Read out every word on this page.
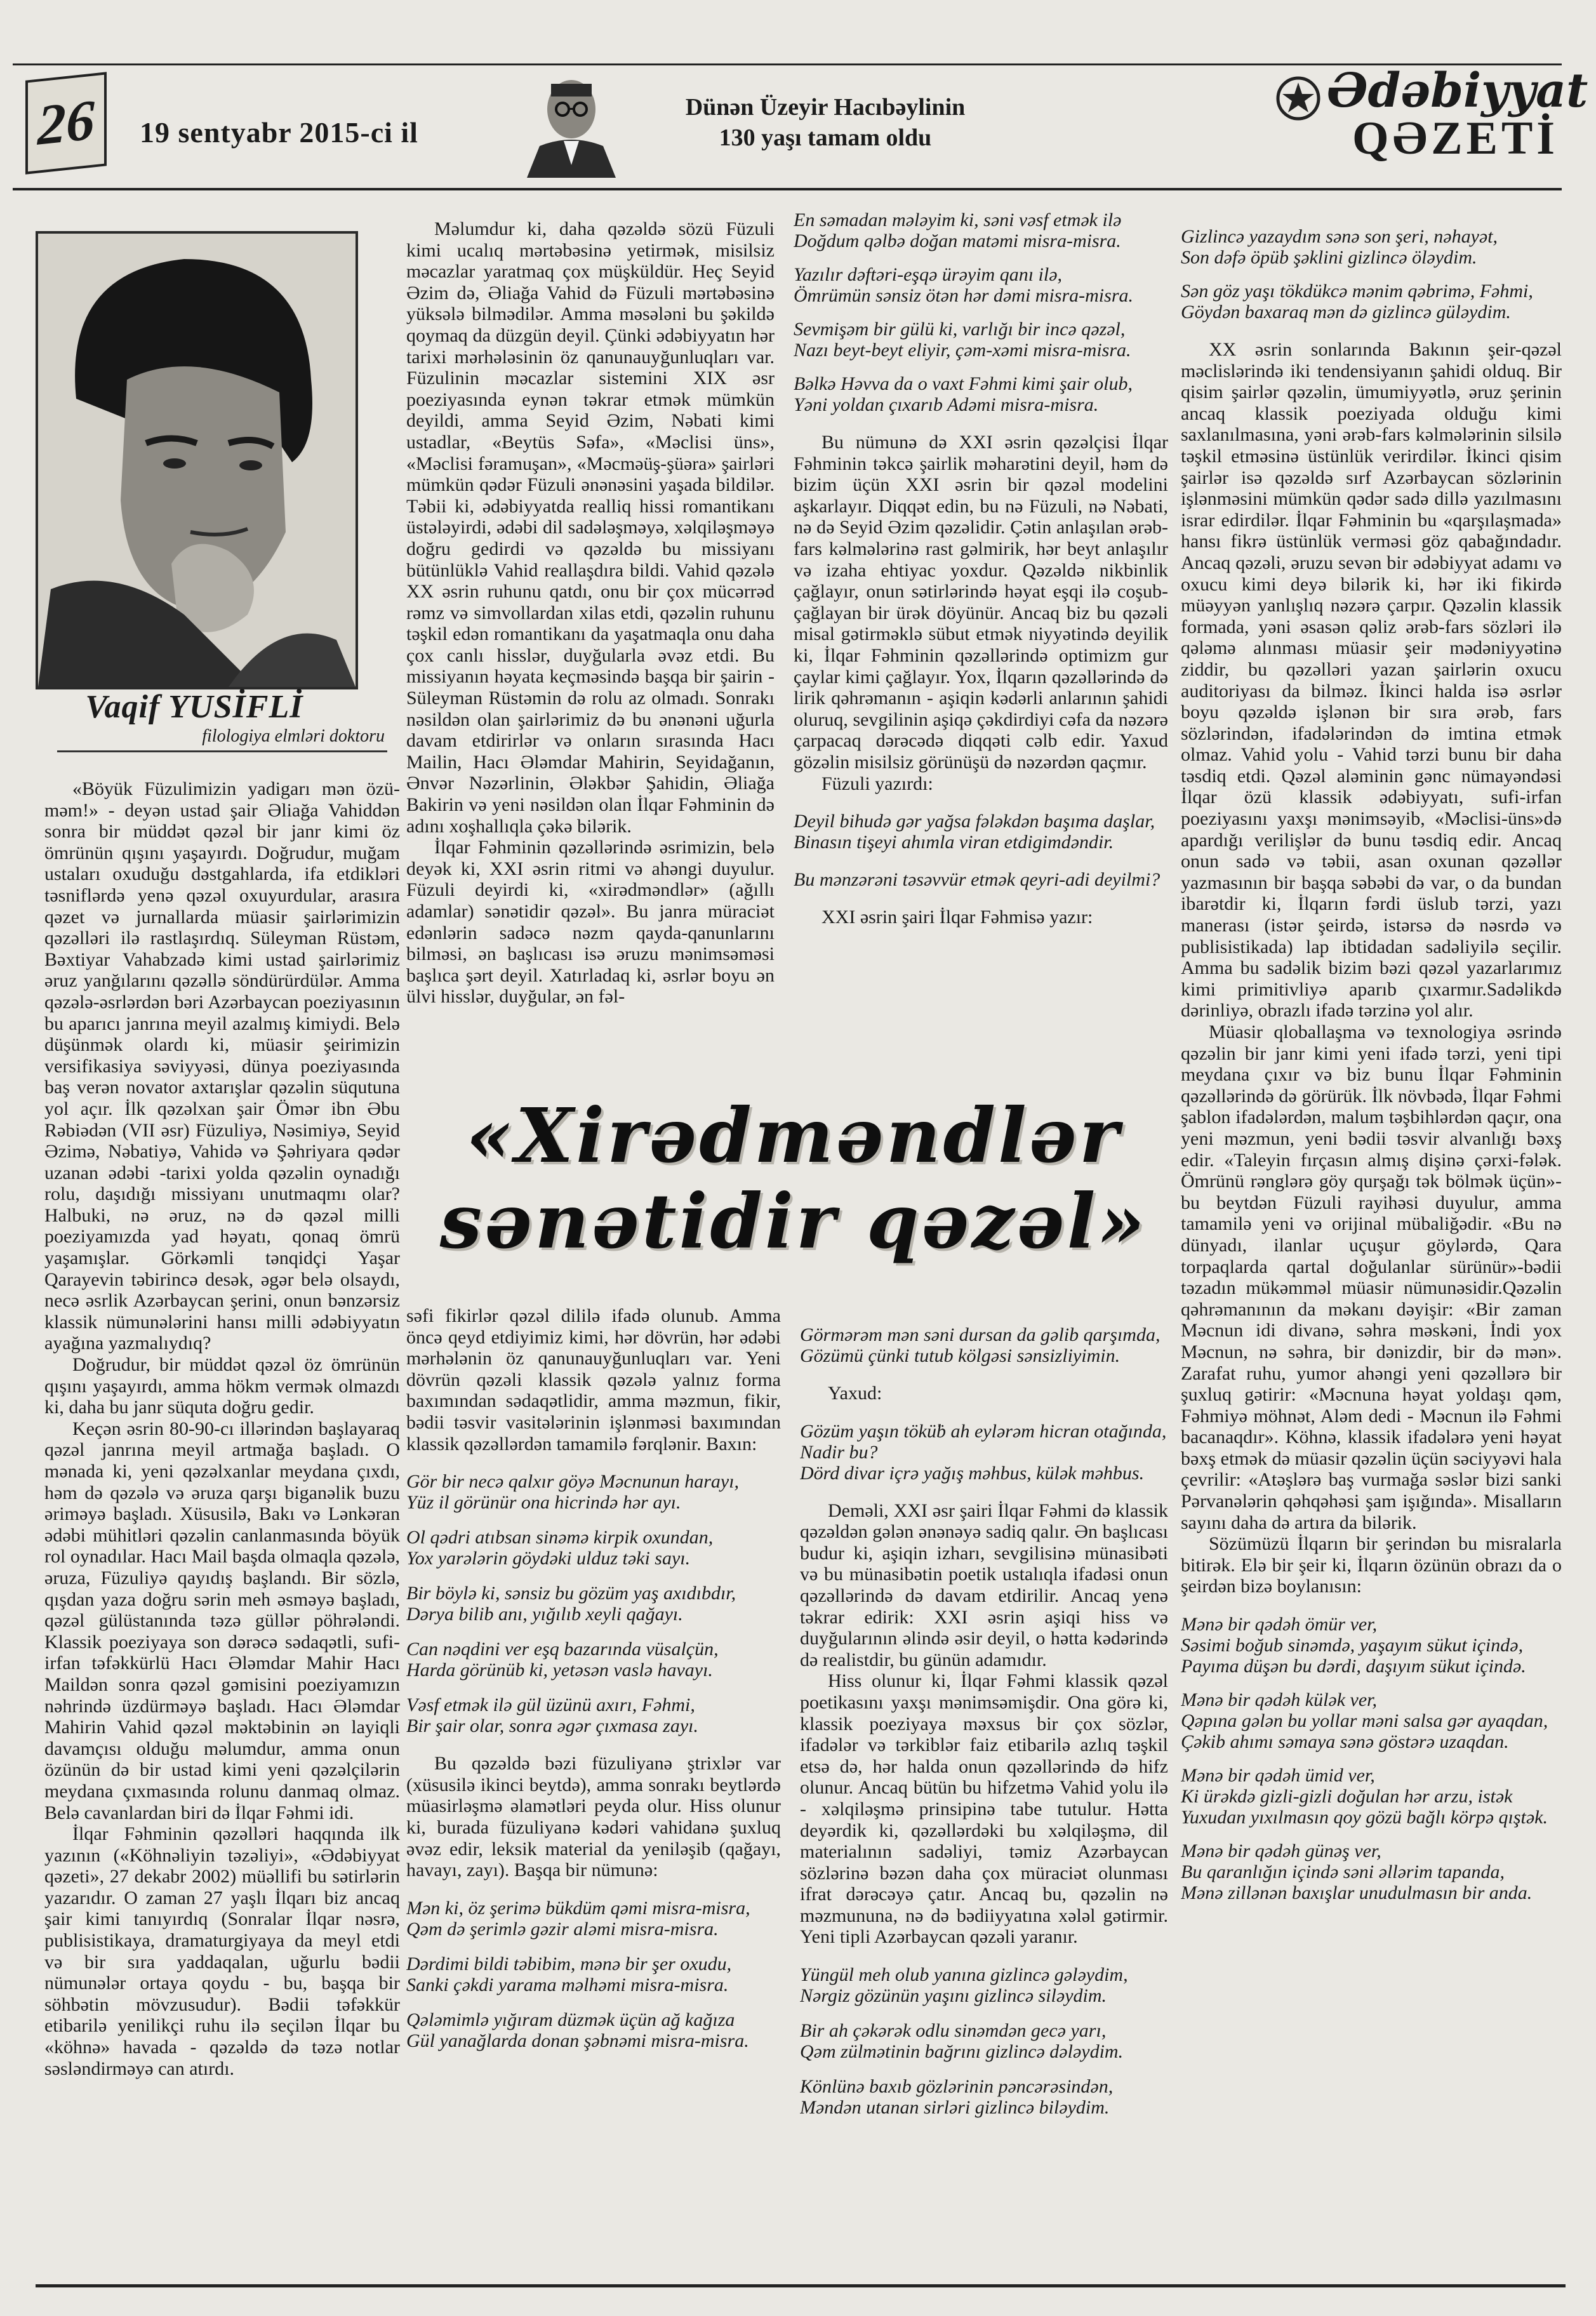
26	19 sentyabr 2015-ci il
Dünən Üzeyir Hacıbəylinin
130 yaşı tamam oldu
Ədəbiyyat
QƏZETİ
Vaqif YUSİFLİ
filologiya elmləri doktoru

«Böyük Füzulimizin yadigarı mən özü-məm!» - deyən ustad şair Əliağa Vahiddən sonra bir müddət qəzəl bir janr kimi öz ömrünün qışını yaşayırdı. Doğrudur, muğam ustaları oxuduğu dəstgahlarda, ifa etdikləri təsniflərdə yenə qəzəl oxuyurdular, arasıra qəzet və jurnallarda müasir şairlərimizin qəzəlləri ilə rastlaşırdıq. Süleyman Rüstəm, Bəxtiyar Vahabzadə kimi ustad şairlərimiz əruz yanğılarını qəzəllə söndürürdülər. Amma qəzələ-əsrlərdən bəri Azərbaycan poeziyasının bu aparıcı janrına meyil azalmış kimiydi. Belə düşünmək olardı ki, müasir şeirimizin versifikasiya səviyyəsi, dünya poeziyasında baş verən novator axtarışlar qəzəlin süqutuna yol açır. İlk qəzəlxan şair Ömər ibn Əbu Rəbiədən (VII əsr) Füzuliyə, Nəsimiyə, Seyid Əzimə, Nəbatiyə, Vahidə və Şəhriyara qədər uzanan ədəbi -tarixi yolda qəzəlin oynadığı rolu, daşıdığı missiyanı unutmaqmı olar? Halbuki, nə əruz, nə də qəzəl milli poeziyamızda yad həyatı, qonaq ömrü yaşamışlar. Görkəmli tənqidçi Yaşar Qarayevin təbirincə desək, əgər belə olsaydı, necə əsrlik Azərbaycan şerini, onun bənzərsiz klassik nümunələrini hansı milli ədəbiyyatın ayağına yazmalıydıq?

Doğrudur, bir müddət qəzəl öz ömrünün qışını yaşayırdı, amma hökm vermək olmazdı ki, daha bu janr süquta doğru gedir.

Keçən əsrin 80-90-cı illərindən başlayaraq qəzəl janrına meyil artmağa başladı. O mənada ki, yeni qəzəlxanlar meydana çıxdı, həm də qəzələ və əruza qarşı biganəlik buzu əriməyə başladı. Xüsusilə, Bakı və Lənkəran ədəbi mühitləri qəzəlin canlanmasında böyük rol oynadılar. Hacı Mail başda olmaqla qəzələ, əruza, Füzuliyə qayıdış başlandı. Bir sözlə, qışdan yaza doğru sərin meh əsməyə başladı, qəzəl gülüstanında təzə güllər pöhrələndi. Klassik poeziyaya son dərəcə sədaqətli, sufi-irfan təfəkkürlü Hacı Ələmdar Mahir Hacı Maildən sonra qəzəl gəmisini poeziyamızın nəhrində üzdürməyə başladı. Hacı Ələmdar Mahirin Vahid qəzəl məktəbinin ən layiqli davamçısı olduğu məlumdur, amma onun özünün də bir ustad kimi yeni qəzəlçilərin meydana çıxmasında rolunu danmaq olmaz. Belə cavanlardan biri də İlqar Fəhmi idi.

İlqar Fəhminin qəzəlləri haqqında ilk yazının («Köhnəliyin təzəliyi», «Ədəbiyyat qəzeti», 27 dekabr 2002) müəllifi bu sətirlərin yazarıdır. O zaman 27 yaşlı İlqarı biz ancaq şair kimi tanıyırdıq (Sonralar İlqar nəsrə, publisistikaya, dramaturgiyaya da meyl etdi və bir sıra yaddaqalan, uğurlu bədii nümunələr ortaya qoydu - bu, başqa bir söhbətin mövzusudur). Bədii təfəkkür etibarilə yenilikçi ruhu ilə seçilən İlqar bu «köhnə» havada - qəzəldə də təzə notlar səsləndirməyə can atırdı.

Məlumdur ki, daha qəzəldə sözü Füzuli kimi ucalıq mərtəbəsinə yetirmək, misilsiz məcazlar yaratmaq çox müşküldür. Heç Seyid Əzim də, Əliağa Vahid də Füzuli mərtəbəsinə yüksələ bilmədilər. Amma məsələni bu şəkildə qoymaq da düzgün deyil. Çünki ədəbiyyatın hər tarixi mərhələsinin öz qanunauyğunluqları var. Füzulinin məcazlar sistemini XIX əsr poeziyasında eynən təkrar etmək mümkün deyildi, amma Seyid Əzim, Nəbati kimi ustadlar, «Beytüs Səfa», «Məclisi üns», «Məclisi fəramuşan», «Məcməüş-şüəra» şairləri mümkün qədər Füzuli ənənəsini yaşada bildilər. Təbii ki, ədəbiyyatda realliq hissi romantikanı üstələyirdi, ədəbi dil sadələşməyə, xəlqiləşməyə doğru gedirdi və qəzəldə bu missiyanı bütünlüklə Vahid reallaşdıra bildi. Vahid qəzələ XX əsrin ruhunu qatdı, onu bir çox mücərrəd rəmz və simvollardan xilas etdi, qəzəlin ruhunu təşkil edən romantikanı da yaşatmaqla onu daha çox canlı hisslər, duyğularla əvəz etdi. Bu missiyanın həyata keçməsində başqa bir şairin - Süleyman Rüstəmin də rolu az olmadı. Sonrakı nəsildən olan şairlərimiz də bu ənənəni uğurla davam etdirirlər və onların sırasında Hacı Mailin, Hacı Ələmdar Mahirin, Seyidağanın, Ənvər Nəzərlinin, Ələkbər Şahidin, Əliağa Bakirin və yeni nəsildən olan İlqar Fəhminin də adını xoşhallıqla çəkə bilərik.

İlqar Fəhminin qəzəllərində əsrimizin, belə deyək ki, XXI əsrin ritmi və ahəngi duyulur. Füzuli deyirdi ki, «xirədməndlər» (ağıllı adamlar) sənətidir qəzəl». Bu janra müraciət edənlərin sadəcə nəzm qayda-qanunlarını bilməsi, ən başlıcası isə əruzu mənimsəməsi başlıca şərt deyil. Xatırladaq ki, əsrlər boyu ən ülvi hisslər, duyğular, ən fəl-

En səmadan mələyim ki, səni vəsf etmək ilə
Doğdum qəlbə doğan matəmi misra-misra.
Yazılır dəftəri-eşqə ürəyim qanı ilə,
Ömrümün sənsiz ötən hər dəmi misra-misra.
Sevmişəm bir gülü ki, varlığı bir incə qəzəl,
Nazı beyt-beyt eliyir, çəm-xəmi misra-misra.
Bəlkə Həvva da o vaxt Fəhmi kimi şair olub,
Yəni yoldan çıxarıb Adəmi misra-misra.

Bu nümunə də XXI əsrin qəzəlçisi İlqar Fəhminin təkcə şairlik məharətini deyil, həm də bizim üçün XXI əsrin bir qəzəl modelini aşkarlayır. Diqqət edin, bu nə Füzuli, nə Nəbati, nə də Seyid Əzim qəzəlidir. Çətin anlaşılan ərəb-fars kəlmələrinə rast gəlmirik, hər beyt anlaşılır və izaha ehtiyac yoxdur. Qəzəldə nikbinlik çağlayır, onun sətirlərində həyat eşqi ilə coşub-çağlayan bir ürək döyünür. Ancaq biz bu qəzəli misal gətirməklə sübut etmək niyyətində deyilik ki, İlqar Fəhminin qəzəllərində optimizm gur çaylar kimi çağlayır. Yox, İlqarın qəzəllərində də lirik qəhrəmanın - aşiqin kədərli anlarının şahidi oluruq, sevgilinin aşiqə çəkdirdiyi cəfa da nəzərə çarpacaq dərəcədə diqqəti cəlb edir. Yaxud gözəlin misilsiz görünüşü də nəzərdən qaçmır.

Füzuli yazırdı:

Deyil bihudə gər yağsa fələkdən başıma daşlar,
Binasın tişeyi ahımla viran etdigimdəndir.
Bu mənzərəni təsəvvür etmək qeyri-adi deyilmi?

XXI əsrin şairi İlqar Fəhmisə yazır:

Gizlincə yazaydım sənə son şeri, nəhayət,
Son dəfə öpüb şəklini gizlincə öləydim.
Sən göz yaşı tökdükcə mənim qəbrimə, Fəhmi,
Göydən baxaraq mən də gizlincə güləydim.

XX əsrin sonlarında Bakının şeir-qəzəl məclislərində iki tendensiyanın şahidi olduq. Bir qisim şairlər qəzəlin, ümumiyyətlə, əruz şerinin ancaq klassik poeziyada olduğu kimi saxlanılmasına, yəni ərəb-fars kəlmələrinin silsilə təşkil etməsinə üstünlük verirdilər. İkinci qisim şairlər isə qəzəldə sırf Azərbaycan sözlərinin işlənməsini mümkün qədər sadə dillə yazılmasını israr edirdilər. İlqar Fəhminin bu «qarşılaşmada» hansı fikrə üstünlük verməsi göz qabağındadır. Ancaq qəzəli, əruzu sevən bir ədəbiyyat adamı və oxucu kimi deyə bilərik ki, hər iki fikirdə müəyyən yanlışlıq nəzərə çarpır. Qəzəlin klassik formada, yəni əsasən qəliz ərəb-fars sözləri ilə qələmə alınması müasir şeir mədəniyyətinə ziddir, bu qəzəlləri yazan şairlərin oxucu auditoriyası da bilməz. İkinci halda isə əsrlər boyu qəzəldə işlənən bir sıra ərəb, fars sözlərindən, ifadələrindən də imtina etmək olmaz. Vahid yolu - Vahid tərzi bunu bir daha təsdiq etdi. Qəzəl aləminin gənc nümayəndəsi İlqar özü klassik ədəbiyyatı, sufi-irfan poeziyasını yaxşı mənimsəyib, «Məclisi-üns»də apardığı verilişlər də bunu təsdiq edir. Ancaq onun sadə və təbii, asan oxunan qəzəllər yazmasının bir başqa səbəbi də var, o da bundan ibarətdir ki, İlqarın fərdi üslub tərzi, yazı manerası (istər şeirdə, istərsə də nəsrdə və publisistikada) lap ibtidadan sadəliyilə seçilir. Amma bu sadəlik bizim bəzi qəzəl yazarlarımız kimi primitivliyə aparıb çıxarmır.Sadəlikdə dərinliyə, obrazlı ifadə tərzinə yol alır.

Müasir qloballaşma və texnologiya əsrində qəzəlin bir janr kimi yeni ifadə tərzi, yeni tipi meydana çıxır və biz bunu İlqar Fəhminin qəzəllərində də görürük. İlk növbədə, İlqar Fəhmi şablon ifadələrdən, malum təşbihlərdən qaçır, ona yeni məzmun, yeni bədii təsvir alvanlığı bəxş edir. «Taleyin fırçasın almış dişinə çərxi-fələk. Ömrünü rənglərə göy qurşağı tək bölmək üçün»-bu beytdən Füzuli rayihəsi duyulur, amma tamamilə yeni və orijinal mübaliğədir. «Bu nə dünyadı, ilanlar uçuşur göylərdə, Qara torpaqlarda qartal doğulanlar sürünür»-bədii təzadın mükəmməl müasir nümunəsidir.Qəzəlin qəhrəmanının da məkanı dəyişir: «Bir zaman Məcnun idi divanə, səhra məskəni, İndi yox Məcnun, nə səhra, bir dənizdir, bir də mən». Zarafat ruhu, yumor ahəngi yeni qəzəllərə bir şuxluq gətirir: «Məcnuna həyat yoldaşı qəm, Fəhmiyə möhnət, Aləm dedi - Məcnun ilə Fəhmi bacanaqdır». Köhnə, klassik ifadələrə yeni həyat bəxş etmək də müasir qəzəlin üçün səciyyəvi hala çevrilir: «Atəşlərə baş vurmağa səslər bizi sanki Pərvanələrin qəhqəhəsi şam işığında». Misalların sayını daha də artıra da bilərik.

Sözümüzü İlqarın bir şerindən bu misralarla bitirək. Elə bir şeir ki, İlqarın özünün obrazı da o şeirdən bizə boylanısın:

Mənə bir qədəh ömür ver,
Səsimi boğub sinəmdə, yaşayım sükut içində,
Payıma düşən bu dərdi, daşıyım sükut içində.
Mənə bir qədəh külək ver,
Qəpına gələn bu yollar məni salsa gər ayaqdan,
Çəkib ahımı səmaya sənə göstərə uzaqdan.
Mənə bir qədəh ümid ver,
Ki ürəkdə gizli-gizli doğulan hər arzu, istək
Yuxudan yıxılmasın qoy gözü bağlı körpə qıştək.
Mənə bir qədəh günəş ver,
Bu qaranlığın içində səni əllərim tapanda,
Mənə zillənən baxışlar unudulmasın bir anda.
«Xirədməndlər
sənətidir qəzəl»

səfi fikirlər qəzəl dililə ifadə olunub. Amma öncə qeyd etdiyimiz kimi, hər dövrün, hər ədəbi mərhələnin öz qanunauyğunluqları var. Yeni dövrün qəzəli klassik qəzələ yalnız forma baxımından sədaqətlidir, amma məzmun, fikir, bədii təsvir vasitələrinin işlənməsi baxımından klassik qəzəllərdən tamamilə fərqlənir. Baxın:

Gör bir necə qalxır göyə Məcnunun harayı,
Yüz il görünür ona hicrində hər ayı.
Ol qədri atıbsan sinəmə kirpik oxundan,
Yox yarələrin göydəki ulduz təki sayı.
Bir böylə ki, sənsiz bu gözüm yaş axıdıbdır,
Dərya bilib anı, yığılıb xeyli qağayı.
Can nəqdini ver eşq bazarında vüsalçün,
Harda görünüb ki, yetəsən vaslə havayı.
Vəsf etmək ilə gül üzünü axırı, Fəhmi,
Bir şair olar, sonra əgər çıxmasa zayı.

Bu qəzəldə bəzi füzuliyanə ştrixlər var (xüsusilə ikinci beytdə), amma sonrakı beytlərdə müasirləşmə əlamətləri peyda olur. Hiss olunur ki, burada füzuliyanə kədəri vahidanə şuxluq əvəz edir, leksik material da yeniləşib (qağayı, havayı, zayı). Başqa bir nümunə:

Mən ki, öz şerimə bükdüm qəmi misra-misra,
Qəm də şerimlə gəzir aləmi misra-misra.
Dərdimi bildi təbibim, mənə bir şer oxudu,
Sanki çəkdi yarama məlhəmi misra-misra.
Qələmimlə yığıram düzmək üçün ağ kağıza
Gül yanağlarda donan şəbnəmi misra-misra.
Görmərəm mən səni dursan da gəlib qarşımda,
Gözümü çünki tutub kölgəsi sənsizliyimin.

Yaxud:

Gözüm yaşın tökü̈b ah eylərəm hicran otağında,
Nadir bu?
Dörd divar içrə yağış məhbus, külək məhbus.

Deməli, XXI əsr şairi İlqar Fəhmi də klassik qəzəldən gələn ənənəyə sadiq qalır. Ən başlıcası budur ki, aşiqin izharı, sevgilisinə münasibəti və bu münasibətin poetik ustalıqla ifadəsi onun qəzəllərində də davam etdirilir. Ancaq yenə təkrar edirik: XXI əsrin aşiqi hiss və duyğularının əlində əsir deyil, o həttа kədərində də realistdir, bu günün adamıdır.

Hiss olunur ki, İlqar Fəhmi klassik qəzəl poetikasını yaxşı mənimsəmişdir. Ona görə ki, klassik poeziyaya məxsus bir çox sözlər, ifadələr və tərkiblər faiz etibarilə azlıq təşkil etsə də, hər halda onun qəzəllərində də hifz olunur. Ancaq bütün bu hifzetmə Vahid yolu ilə - xəlqiləşmə prinsipinə tabe tutulur. Hətta deyərdik ki, qəzəllərdəki bu xəlqiləşmə, dil materialının sadəliyi, təmiz Azərbaycan sözlərinə bəzən daha çox müraciət olunması ifrat dərəcəyə çatır. Ancaq bu, qəzəlin nə məzmununa, nə də bədiiyyatına xələl gətirmir. Yeni tipli Azərbaycan qəzəli yaranır.

Yüngül meh olub yanına gizlincə gələydim,
Nərgiz gözünün yaşını gizlincə siləydim.
Bir ah çəkərək odlu sinəmdən gecə yarı,
Qəm zülmətinin bağrını gizlincə dələydim.
Könlünə baxıb gözlərinin pəncərəsindən,
Məndən utanan sirləri gizlincə biləydim.
